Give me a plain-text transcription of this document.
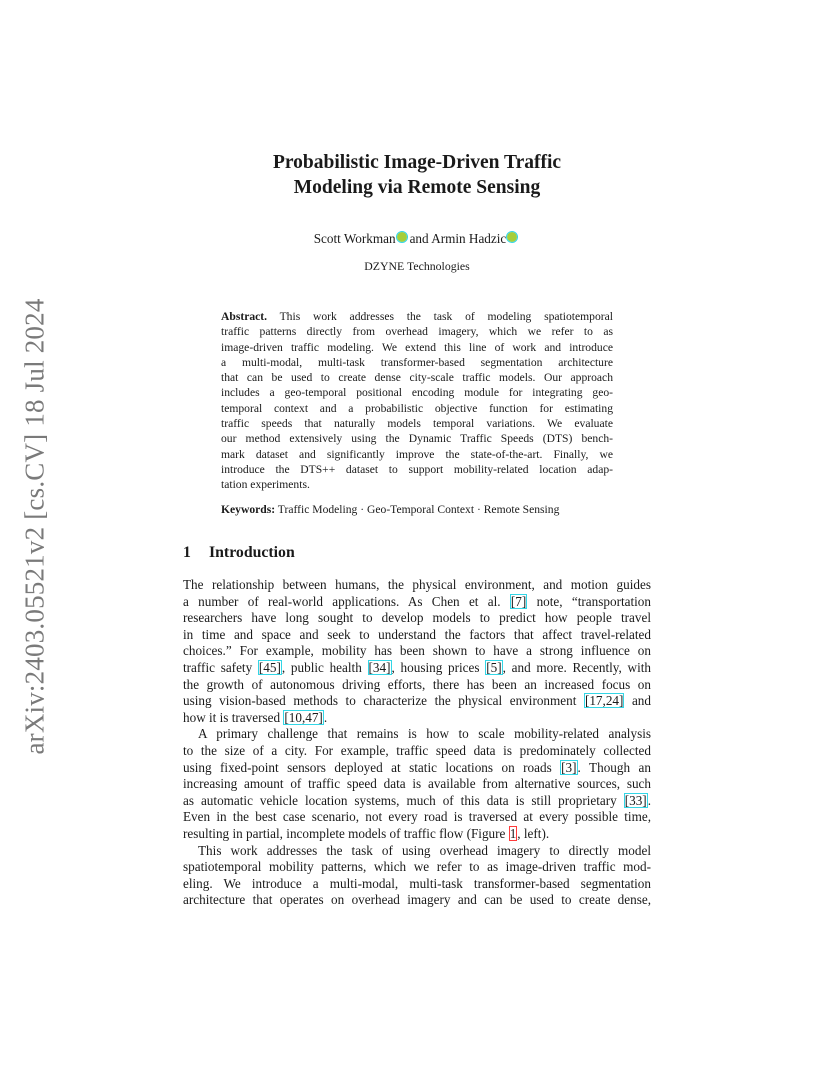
arXiv:2403.05521v2 [cs.CV] 18 Jul 2024
Probabilistic Image-Driven Traffic
Modeling via Remote Sensing
Scott Workman and Armin Hadzic
DZYNE Technologies
Abstract. This work addresses the task of modeling spatiotemporal
traffic patterns directly from overhead imagery, which we refer to as
image-driven traffic modeling. We extend this line of work and introduce
a multi-modal, multi-task transformer-based segmentation architecture
that can be used to create dense city-scale traffic models. Our approach
includes a geo-temporal positional encoding module for integrating geo-
temporal context and a probabilistic objective function for estimating
traffic speeds that naturally models temporal variations. We evaluate
our method extensively using the Dynamic Traffic Speeds (DTS) bench-
mark dataset and significantly improve the state-of-the-art. Finally, we
introduce the DTS++ dataset to support mobility-related location adap-
tation experiments.
Keywords: Traffic Modeling · Geo-Temporal Context · Remote Sensing
1 Introduction
The relationship between humans, the physical environment, and motion guides
a number of real-world applications. As Chen et al. [7] note, “transportation
researchers have long sought to develop models to predict how people travel
in time and space and seek to understand the factors that affect travel-related
choices.” For example, mobility has been shown to have a strong influence on
traffic safety [45], public health [34], housing prices [5], and more. Recently, with
the growth of autonomous driving efforts, there has been an increased focus on
using vision-based methods to characterize the physical environment [17,24] and
how it is traversed [10,47].
A primary challenge that remains is how to scale mobility-related analysis
to the size of a city. For example, traffic speed data is predominately collected
using fixed-point sensors deployed at static locations on roads [3]. Though an
increasing amount of traffic speed data is available from alternative sources, such
as automatic vehicle location systems, much of this data is still proprietary [33].
Even in the best case scenario, not every road is traversed at every possible time,
resulting in partial, incomplete models of traffic flow (Figure 1, left).
This work addresses the task of using overhead imagery to directly model
spatiotemporal mobility patterns, which we refer to as image-driven traffic mod-
eling. We introduce a multi-modal, multi-task transformer-based segmentation
architecture that operates on overhead imagery and can be used to create dense,
